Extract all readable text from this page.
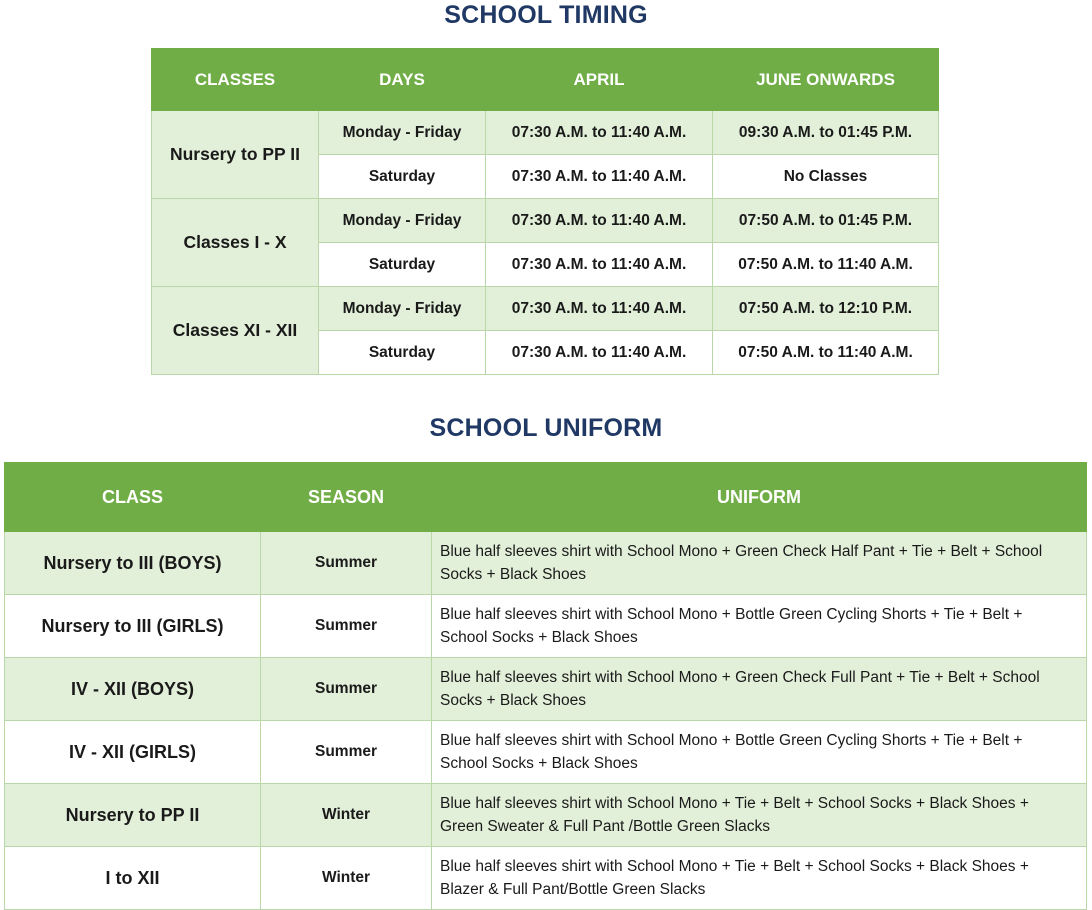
SCHOOL TIMING
CLASSES	DAYS	APRIL	JUNE ONWARDS
Nursery to PP II	Monday - Friday	07:30 A.M. to 11:40 A.M.	09:30 A.M. to 01:45 P.M.
	Saturday	07:30 A.M. to 11:40 A.M.	No Classes
Classes I - X	Monday - Friday	07:30 A.M. to 11:40 A.M.	07:50 A.M. to 01:45 P.M.
	Saturday	07:30 A.M. to 11:40 A.M.	07:50 A.M. to 11:40 A.M.
Classes XI - XII	Monday - Friday	07:30 A.M. to 11:40 A.M.	07:50 A.M. to 12:10 P.M.
	Saturday	07:30 A.M. to 11:40 A.M.	07:50 A.M. to 11:40 A.M.
SCHOOL UNIFORM
CLASS	SEASON	UNIFORM
Nursery to III (BOYS)	Summer	Blue half sleeves shirt with School Mono + Green Check Half Pant + Tie + Belt + School Socks + Black Shoes
Nursery to III (GIRLS)	Summer	Blue half sleeves shirt with School Mono + Bottle Green Cycling Shorts + Tie + Belt + School Socks + Black Shoes
IV - XII (BOYS)	Summer	Blue half sleeves shirt with School Mono + Green Check Full Pant + Tie + Belt + School Socks + Black Shoes
IV - XII (GIRLS)	Summer	Blue half sleeves shirt with School Mono + Bottle Green Cycling Shorts + Tie + Belt + School Socks + Black Shoes
Nursery to PP II	Winter	Blue half sleeves shirt with School Mono + Tie + Belt + School Socks + Black Shoes + Green Sweater & Full Pant /Bottle Green Slacks
I to XII	Winter	Blue half sleeves shirt with School Mono + Tie + Belt + School Socks + Black Shoes + Blazer & Full Pant/Bottle Green Slacks
